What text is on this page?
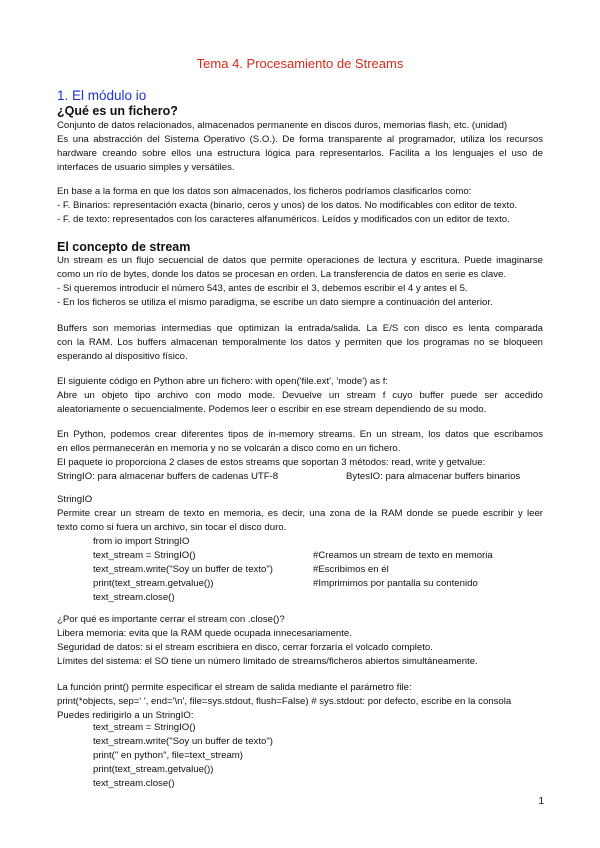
Tema 4. Procesamiento de Streams
1. El módulo io
¿Qué es un fichero?

Conjunto de datos relacionados, almacenados permanente en discos duros, memorias flash, etc. (unidad)

Es una abstracción del Sistema Operativo (S.O.). De forma transparente al programador, utiliza los recursos

hardware creando sobre ellos una estructura lógica para representarlos. Facilita a los lenguajes el uso de

interfaces de usuario simples y versátiles.

En base a la forma en que los datos son almacenados, los ficheros podríamos clasificarlos como:

- F. Binarios: representación exacta (binario, ceros y unos) de los datos. No modificables con editor de texto.

- F. de texto: representados con los caracteres alfanuméricos. Leídos y modificados con un editor de texto.

El concepto de stream

Un stream es un flujo secuencial de datos que permite operaciones de lectura y escritura. Puede imaginarse

como un río de bytes, donde los datos se procesan en orden. La transferencia de datos en serie es clave.

- Si queremos introducir el número 543, antes de escribir el 3, debemos escribir el 4 y antes el 5.

- En los ficheros se utiliza el mismo paradigma, se escribe un dato siempre a continuación del anterior.

Buffers son memorias intermedias que optimizan la entrada/salida. La E/S con disco es lenta comparada

con la RAM. Los buffers almacenan temporalmente los datos y permiten que los programas no se bloqueen

esperando al dispositivo físico.

El siguiente código en Python abre un fichero: with open('file.ext', 'mode') as f:

Abre un objeto tipo archivo con modo mode. Devuelve un stream f cuyo buffer puede ser accedido

aleatoriamente o secuencialmente. Podemos leer o escribir en ese stream dependiendo de su modo.

En Python, podemos crear diferentes tipos de in-memory streams. En un stream, los datos que escribamos

en ellos permanecerán en memoria y no se volcarán a disco como en un fichero.

El paquete io proporciona 2 clases de estos streams que soportan 3 métodos: read, write y getvalue:

StringIO: para almacenar buffers de cadenas UTF-8	BytesIO: para almacenar buffers binarios

StringIO

Permite crear un stream de texto en memoria, es decir, una zona de la RAM donde se puede escribir y leer

texto como si fuera un archivo, sin tocar el disco duro.

from io import StringIO
text_stream = StringIO()	#Creamos un stream de texto en memoria
text_stream.write("Soy un buffer de texto")	#Escribimos en él
print(text_stream.getvalue())	#Imprimimos por pantalla su contenido
text_stream.close()

¿Por qué es importante cerrar el stream con .close()?

Libera memoria: evita que la RAM quede ocupada innecesariamente.

Seguridad de datos: si el stream escribiera en disco, cerrar forzaría el volcado completo.

Límites del sistema: el SO tiene un número limitado de streams/ficheros abiertos simultáneamente.

La función print() permite especificar el stream de salida mediante el parámetro file:

print(*objects, sep=' ', end='\n', file=sys.stdout, flush=False) # sys.stdout: por defecto, escribe en la consola

Puedes redirigirlo a un StringIO:

text_stream = StringIO()

text_stream.write("Soy un buffer de texto")

print(" en python", file=text_stream)

print(text_stream.getvalue())

text_stream.close()

1
